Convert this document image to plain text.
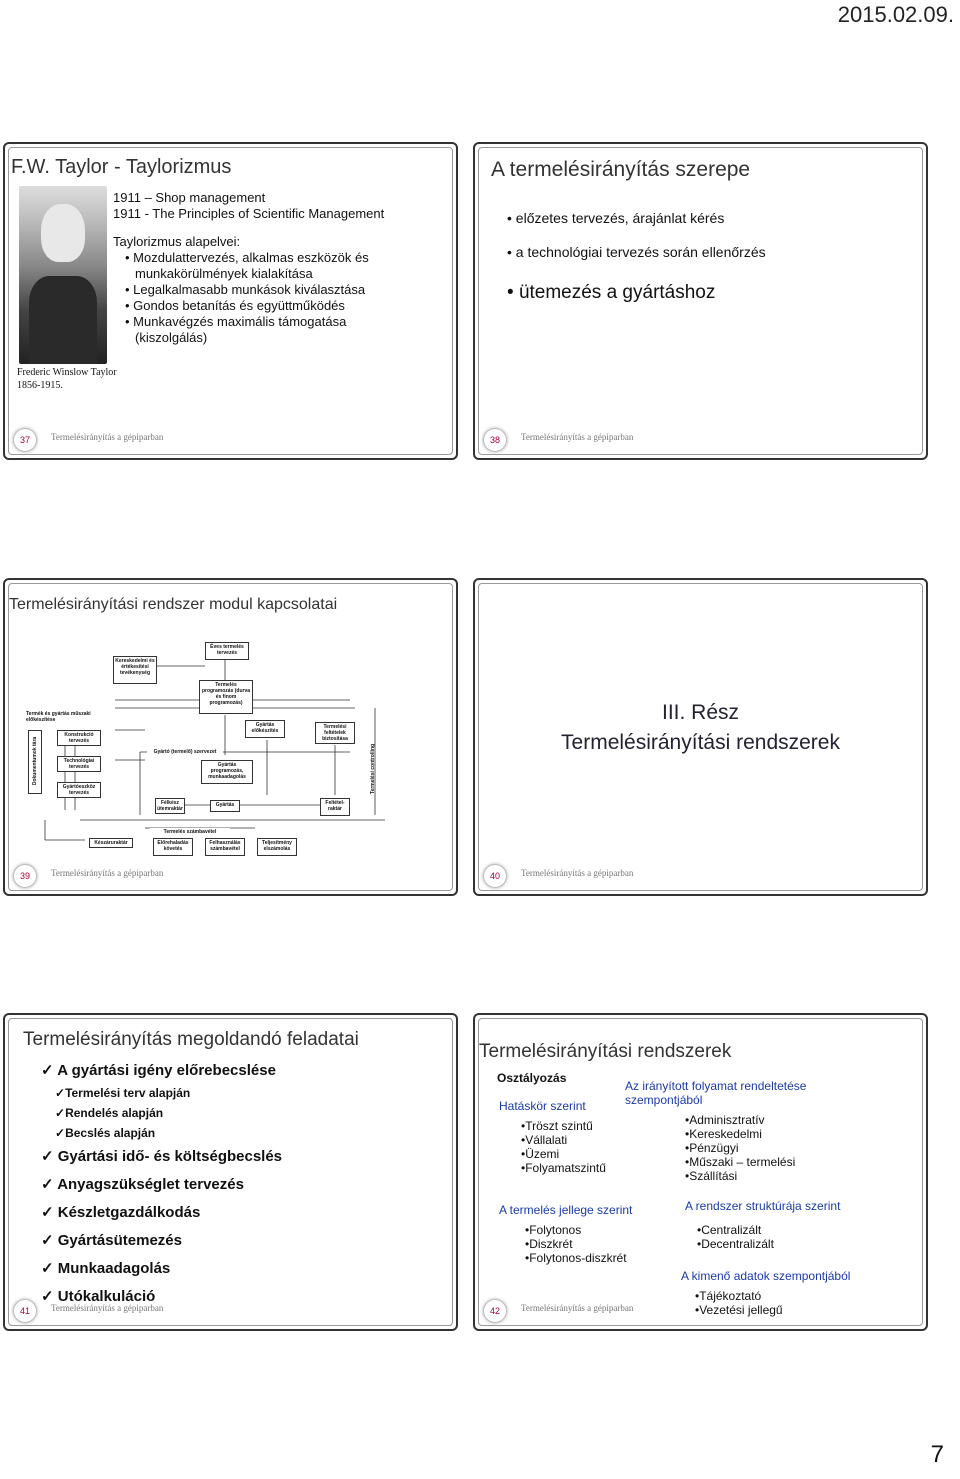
2015.02.09.
F.W. Taylor - Taylorizmus
Frederic Winslow Taylor
1856-1915.
1911 – Shop management
1911 - The Principles of Scientific Management
Taylorizmus alapelvei:
• Mozdulattervezés, alkalmas eszközök és
munkakörülmények kialakítása
• Legalkalmasabb munkások kiválasztása
• Gondos betanítás és együttműködés
• Munkavégzés maximális támogatása
(kiszolgálás)
37	Termelésirányítás a gépiparban
A termelésirányítás szerepe
• előzetes tervezés, árajánlat kérés
• a technológiai tervezés során ellenőrzés
• ütemezés a gyártáshoz
38	Termelésirányítás a gépiparban
Termelésirányítási rendszer modul kapcsolatai
Éves termelés tervezés
Kereskedelmi és értékesítési tevékenység
Termelés programozás (durva és finom programozás)
Termék és gyártás műszaki előkészítése
Dokumentumok tára
Konstrukció tervezés
Technológiai tervezés
Gyártóeszköz tervezés
Gyártás előkészítés
Termelési feltételek biztosítása
Gyártó (termelő) szervezet
Gyártás programozás, munkaadagolás	Termelési controlling
Félkész ütemraktár
Gyártás	Feltétel-raktár
Termelés számbavétel
Készáruraktár	Előrehaladás követés
Felhasználás számbavétel
Teljesítmény elszámolás
39	Termelésirányítás a gépiparban
III. Rész
Termelésirányítási rendszerek
40	Termelésirányítás a gépiparban
Termelésirányítás megoldandó feladatai
✓ A gyártási igény előrebecslése
✓Termelési terv alapján
✓Rendelés alapján
✓Becslés alapján
✓ Gyártási idő- és költségbecslés
✓ Anyagszükséglet tervezés
✓ Készletgazdálkodás
✓ Gyártásütemezés
✓ Munkaadagolás
✓ Utókalkuláció
41	Termelésirányítás a gépiparban
Termelésirányítási rendszerek
Osztályozás
Hatáskör szerint
•Tröszt szintű
•Vállalati
•Üzemi
•Folyamatszintű
Az irányított folyamat rendeltetése
szempontjából
•Adminisztratív
•Kereskedelmi
•Pénzügyi
•Műszaki – termelési
•Szállítási
A termelés jellege szerint
•Folytonos
•Diszkrét
•Folytonos-diszkrét
A rendszer struktúrája szerint
•Centralizált
•Decentralizált
A kimenő adatok szempontjából
•Tájékoztató
•Vezetési jellegű
42	Termelésirányítás a gépiparban
7
